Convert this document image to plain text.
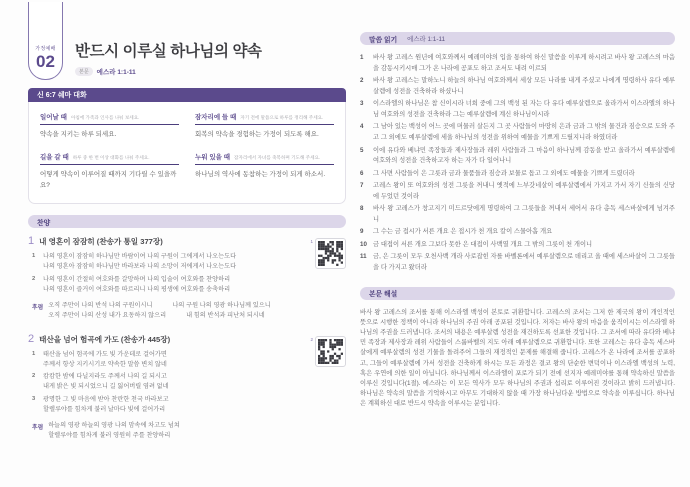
가정예배
02
반드시 이루실 하나님의 약속
본문	에스라 1:1-11
신 6:7 쉐마 대화
일어날 때 아침에 가족과 인사를 나눠 보세요.
약속을 지키는 하루 되세요.
잠자리에 들 때 자기 전에 말씀으로 하루를 정리해 주세요.
회복의 약속을 경험하는 가정이 되도록 해요.
길을 갈 때 하루 중 한 번 이상 대화를 나눠 주세요.
어떻게 약속이 이루어질 때까지 기다릴 수 있을까요?
누워 있을 때 잠자리에서 자녀를 축복하며 기도해 주세요.
하나님의 역사에 동참하는 가정이 되게 하소서.
찬양
1 내 영혼이 잠잠히 (찬송가 통일 377장)
1	나의 영혼이 잠잠히 하나님만 바람이여 나의 구원이 그에게서 나오는도다
나의 영혼아 잠잠히 하나님만 바라보라 나의 소망이 저에게서 나오는도다
2	나의 영혼이 간절히 여호와를 갈망하며 나의 입술이 여호와를 찬양하리
나의 영혼이 즐거이 여호와를 따르리니 나의 평생에 여호와를 송축하리
후렴 오직 주만이 나의 반석 나의 구원이시니	나의 구원 나의 영광 하나님께 있으니
오직 주만이 나의 산성 내가 요동하지 않으리	내 힘의 반석과 피난처 되시네
1
2 태산을 넘어 험곡에 가도 (찬송가 445장)
1	태산을 넘어 험곡에 가도 빛 가운데로 걸어가면
주께서 항상 지키시기로 약속한 말씀 변치 않네
2	캄캄한 밤에 다닐지라도 주께서 나의 길 되시고
내게 밝은 빛 되시었으니 길 잃어버릴 염려 없네
3	광명한 그 빛 마음에 받아 찬란한 천국 바라보고
할렐루야를 힘차게 불러 날마다 빛에 걸어가리
후렴 하늘의 영광 하늘의 영광 나의 맘속에 차고도 넘쳐
할렐루야를 힘차게 불러 영원히 주를 찬양하리
2
말씀 읽기 에스라 1:1-11
1	바사 왕 고레스 원년에 여호와께서 예레미야의 입을 통하여 하신 말씀을 이루게 하시려고 바사 왕 고레스의 마음을 감동시키시매 그가 온 나라에 공포도 하고 조서도 내려 이르되
2	바사 왕 고레스는 말하노니 하늘의 하나님 여호와께서 세상 모든 나라를 내게 주셨고 나에게 명령하사 유다 예루살렘에 성전을 건축하라 하셨나니
3	이스라엘의 하나님은 참 신이시라 너희 중에 그의 백성 된 자는 다 유다 예루살렘으로 올라가서 이스라엘의 하나님 여호와의 성전을 건축하라 그는 예루살렘에 계신 하나님이시라
4	그 남아 있는 백성이 어느 곳에 머물러 살든지 그 곳 사람들이 마땅히 은과 금과 그 밖의 물건과 짐승으로 도와 주고 그 외에도 예루살렘에 세울 하나님의 성전을 위하여 예물을 기쁘게 드릴지니라 하였더라
5	이에 유다와 베냐민 족장들과 제사장들과 레위 사람들과 그 마음이 하나님께 감동을 받고 올라가서 예루살렘에 여호와의 성전을 건축하고자 하는 자가 다 일어나니
6	그 사면 사람들이 은 그릇과 금과 물품들과 짐승과 보물로 돕고 그 외에도 예물을 기쁘게 드렸더라
7	고레스 왕이 또 여호와의 성전 그릇을 꺼내니 옛적에 느부갓네살이 예루살렘에서 가지고 가서 자기 신들의 신당에 두었던 것이라
8	바사 왕 고레스가 창고지기 미드르닷에게 명령하여 그 그릇들을 꺼내서 세어서 유다 총독 세스바살에게 넘겨주니
9	그 수는 금 접시가 서른 개요 은 접시가 천 개요 칼이 스물아홉 개요
10 금 대접이 서른 개요 그보다 못한 은 대접이 사백열 개요 그 밖의 그릇이 천 개이니
11	금, 은 그릇이 모두 오천사백 개라 사로잡힌 자를 바벨론에서 예루살렘으로 데리고 올 때에 세스바살이 그 그릇들을 다 가지고 왔더라
본문 해설

바사 왕 고레스의 조서를 통해 이스라엘 백성이 본토로 귀환합니다. 고레스의 조서는 그저 한 제국의 왕이 개인적인 뜻으로 시행한 정책이 아니라 하나님의 주권 아래 공포된 것입니다. 저자는 바사 왕의 마음을 움직이시는 이스라엘 하나님의 주권을 드러냅니다. 조서의 내용은 예루살렘 성전을 재건하도록 선포한 것입니다. 그 조서에 따라 유다와 베냐민 족장과 제사장과 레위 사람들이 스룹바벨의 지도 아래 예루살렘으로 귀환합니다. 또한 고레스는 유다 총독 세스바살에게 예루살렘의 성전 기물을 돌려주어 그들의 재정적인 문제를 해결해 줍니다. 고레스가 온 나라에 조서를 공포하고, 그들이 예루살렘에 가서 성전을 건축하게 하시는 모든 과정은 결코 왕의 단순한 변덕이나 이스라엘 백성의 노력, 혹은 우연에 의한 일이 아닙니다. 하나님께서 이스라엘이 포로가 되기 전에 선지자 예레미야를 통해 약속하신 말씀을 이루신 것입니다(1절). 에스라는 이 모든 역사가 모두 하나님의 주권과 섭리로 이루어진 것이라고 밝히 드러냅니다. 하나님은 약속의 말씀을 기억하시고 아무도 기대하지 않을 때 가장 하나님다운 방법으로 약속을 이루십니다. 하나님은 계획하신 대로 반드시 약속을 이루시는 분입니다.
